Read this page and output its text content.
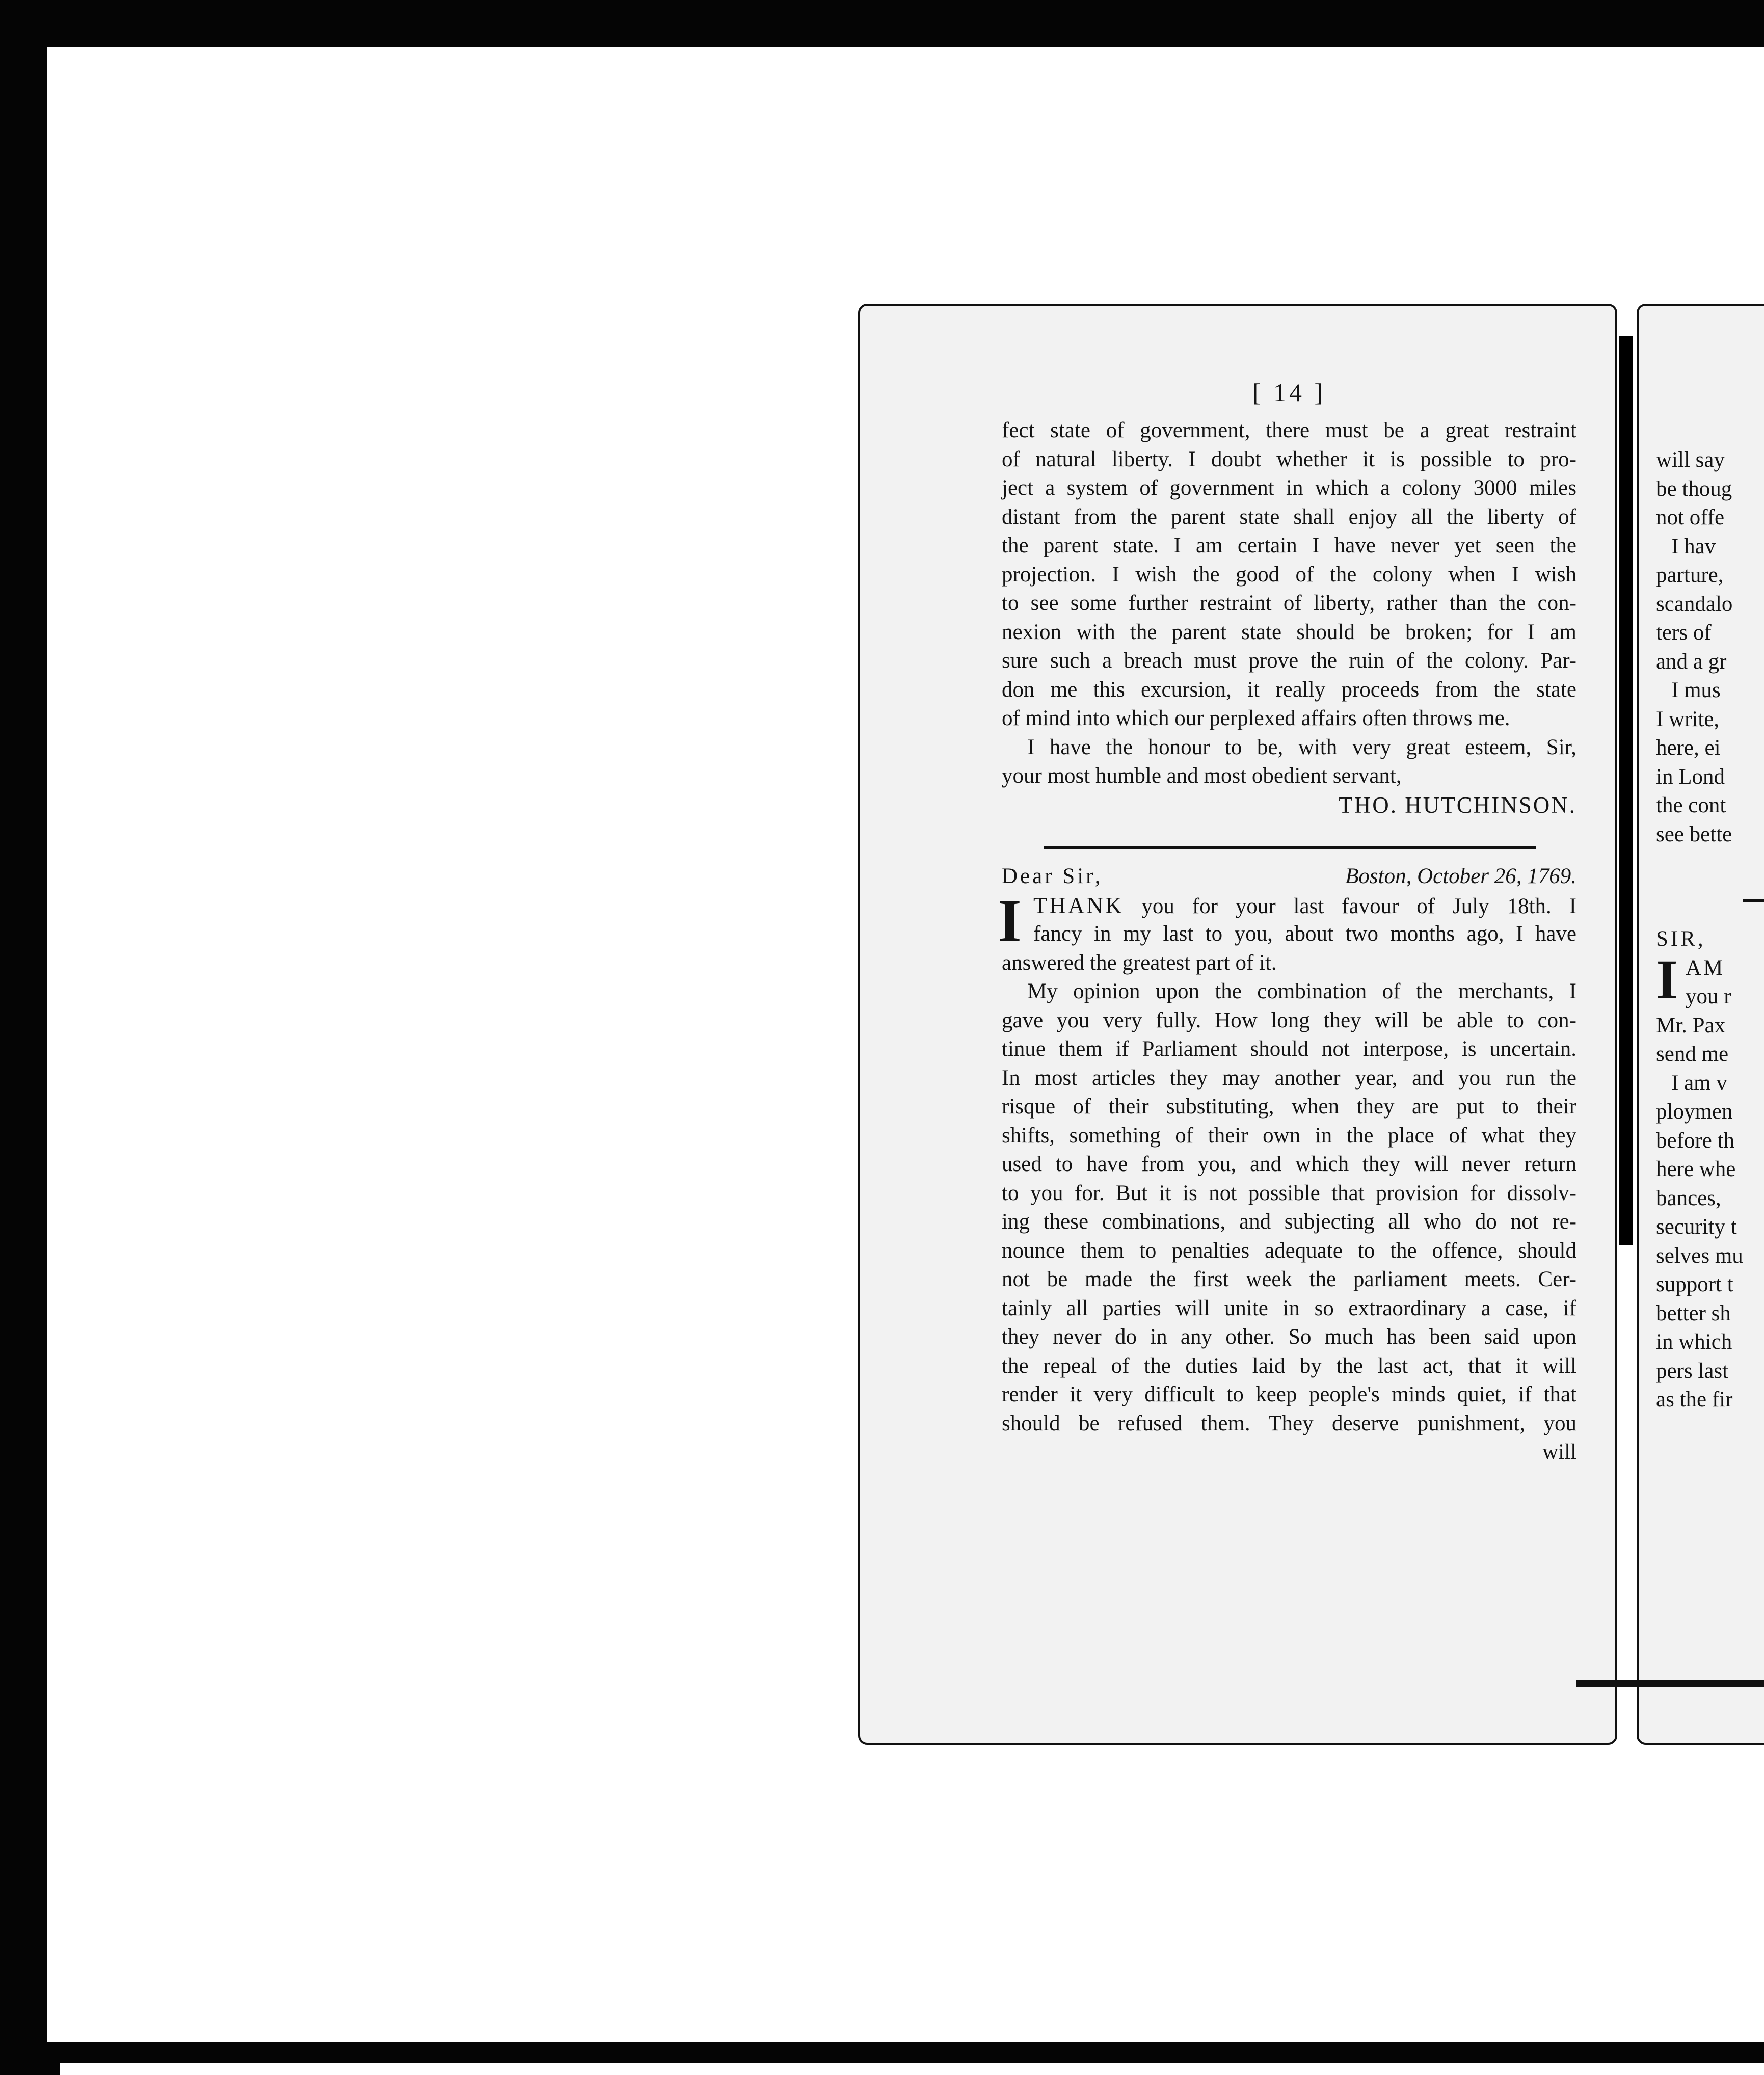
[ 14 ]
fect state of government, there must be a great restraint
of natural liberty. I doubt whether it is possible to pro-
ject a system of government in which a colony 3000 miles
distant from the parent state shall enjoy all the liberty of
the parent state. I am certain I have never yet seen the
projection. I wish the good of the colony when I wish
to see some further restraint of liberty, rather than the con-
nexion with the parent state should be broken; for I am
sure such a breach must prove the ruin of the colony. Par-
don me this excursion, it really proceeds from the state
of mind into which our perplexed affairs often throws me.
I have the honour to be, with very great esteem, Sir,
your most humble and most obedient servant,
THO. HUTCHINSON.
Dear Sir,	Boston, October 26, 1769.
I THANK you for your last favour of July 18th. I
fancy in my last to you, about two months ago, I have
answered the greatest part of it.
My opinion upon the combination of the merchants, I
gave you very fully. How long they will be able to con-
tinue them if Parliament should not interpose, is uncertain.
In most articles they may another year, and you run the
risque of their substituting, when they are put to their
shifts, something of their own in the place of what they
used to have from you, and which they will never return
to you for. But it is not possible that provision for dissolv-
ing these combinations, and subjecting all who do not re-
nounce them to penalties adequate to the offence, should
not be made the first week the parliament meets. Cer-
tainly all parties will unite in so extraordinary a case, if
they never do in any other. So much has been said upon
the repeal of the duties laid by the last act, that it will
render it very difficult to keep people's minds quiet, if that
should be refused them. They deserve punishment, you
will
will say
be thoug
not offe
I hav
parture,
scandalo
ters of
and a gr
I mus
I write,
here, ei
in Lond
the cont
see bette
SIR,
I AM
you r
Mr. Pax
send me
I am v
ploymen
before th
here whe
bances,
security t
selves mu
support t
better sh
in which
pers last
as the fir
